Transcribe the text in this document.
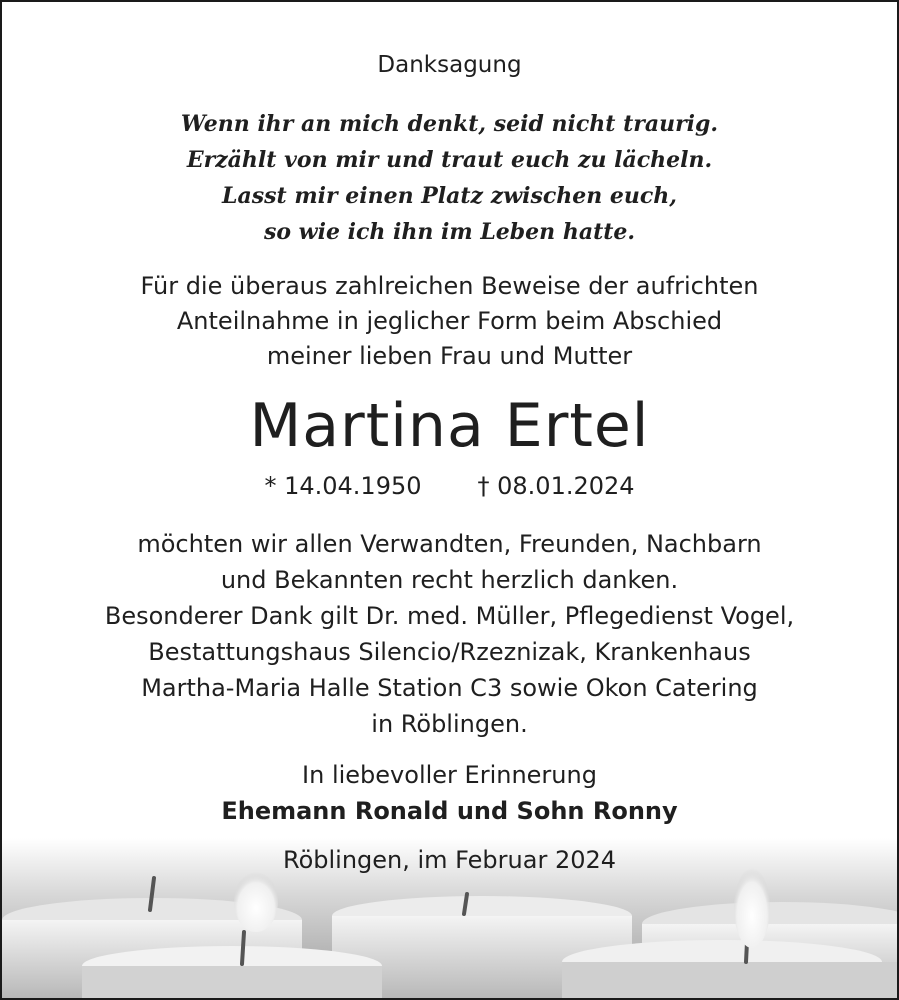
Danksagung
Wenn ihr an mich denkt, seid nicht traurig.
Erzählt von mir und traut euch zu lächeln.
Lasst mir einen Platz zwischen euch,
so wie ich ihn im Leben hatte.
Für die überaus zahlreichen Beweise der aufrichten
Anteilnahme in jeglicher Form beim Abschied
meiner lieben Frau und Mutter
Martina Ertel
* 14.04.1950 † 08.01.2024
möchten wir allen Verwandten, Freunden, Nachbarn
und Bekannten recht herzlich danken.
Besonderer Dank gilt Dr. med. Müller, Pflegedienst Vogel,
Bestattungshaus Silencio/Rzeznizak, Krankenhaus
Martha-Maria Halle Station C3 sowie Okon Catering
in Röblingen.
In liebevoller Erinnerung
Ehemann Ronald und Sohn Ronny
Röblingen, im Februar 2024
